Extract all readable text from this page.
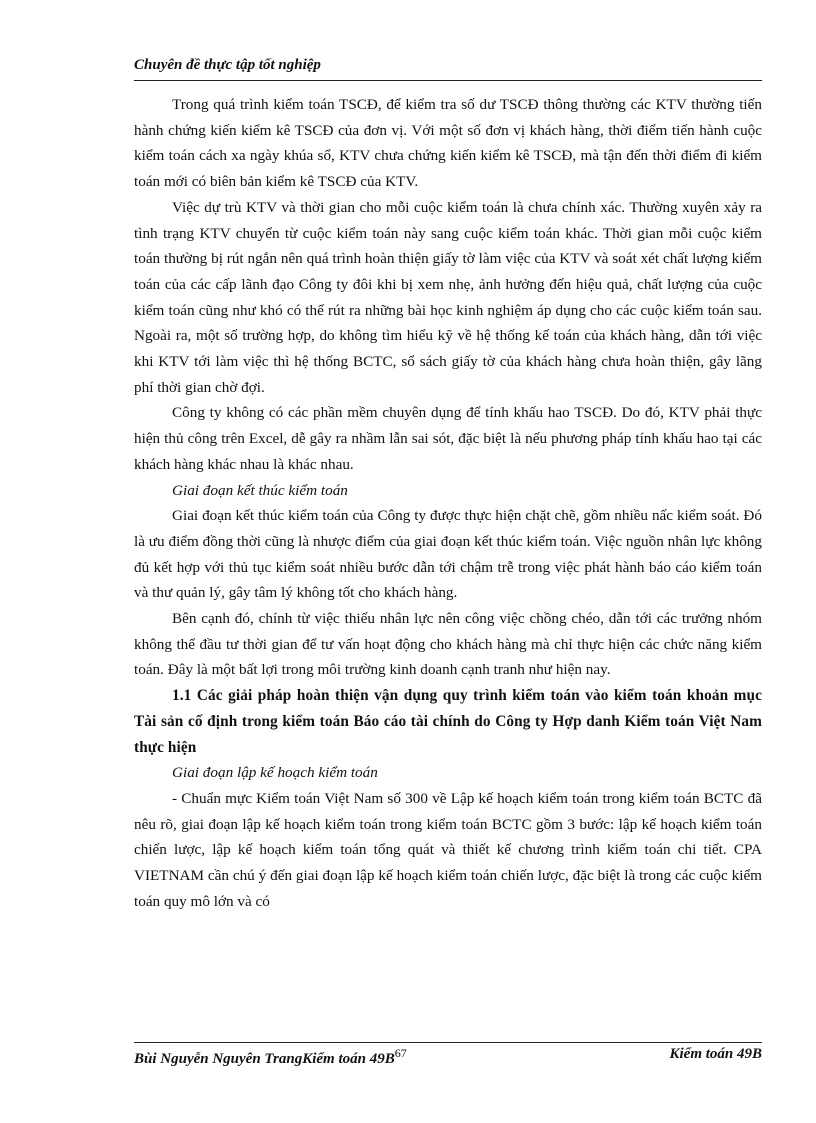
Chuyên đề thực tập tốt nghiệp

Trong quá trình kiểm toán TSCĐ, để kiểm tra số dư TSCĐ thông thường các KTV thường tiến hành chứng kiến kiểm kê TSCĐ của đơn vị. Với một số đơn vị khách hàng, thời điểm tiến hành cuộc kiểm toán cách xa ngày khúa sổ, KTV chưa chứng kiến kiểm kê TSCĐ, mà tận đến thời điểm đi kiểm toán mới có biên bản kiểm kê TSCĐ của KTV.

Việc dự trù KTV và thời gian cho mỗi cuộc kiểm toán là chưa chính xác. Thường xuyên xảy ra tình trạng KTV chuyển từ cuộc kiểm toán này sang cuộc kiểm toán khác. Thời gian mỗi cuộc kiểm toán thường bị rút ngắn nên quá trình hoàn thiện giấy tờ làm việc của KTV và soát xét chất lượng kiểm toán của các cấp lãnh đạo Công ty đôi khi bị xem nhẹ, ảnh hưởng đến hiệu quả, chất lượng của cuộc kiểm toán cũng như khó có thể rút ra những bài học kinh nghiệm áp dụng cho các cuộc kiểm toán sau. Ngoài ra, một số trường hợp, do không tìm hiểu kỹ về hệ thống kế toán của khách hàng, dẫn tới việc khi KTV tới làm việc thì hệ thống BCTC, sổ sách giấy tờ của khách hàng chưa hoàn thiện, gây lãng phí thời gian chờ đợi.

Công ty không có các phần mềm chuyên dụng để tính khấu hao TSCĐ. Do đó, KTV phải thực hiện thủ công trên Excel, dễ gây ra nhầm lẫn sai sót, đặc biệt là nếu phương pháp tính khấu hao tại các khách hàng khác nhau là khác nhau.

Giai đoạn kết thúc kiểm toán

Giai đoạn kết thúc kiểm toán của Công ty được thực hiện chặt chẽ, gồm nhiều nấc kiểm soát. Đó là ưu điểm đồng thời cũng là nhược điểm của giai đoạn kết thúc kiểm toán. Việc nguồn nhân lực không đủ kết hợp với thủ tục kiểm soát nhiều bước dẫn tới chậm trễ trong việc phát hành báo cáo kiểm toán và thư quản lý, gây tâm lý không tốt cho khách hàng.

Bên cạnh đó, chính từ việc thiếu nhân lực nên công việc chồng chéo, dẫn tới các trưởng nhóm không thể đầu tư thời gian để tư vấn hoạt động cho khách hàng mà chỉ thực hiện các chức năng kiểm toán. Đây là một bất lợi trong môi trường kinh doanh cạnh tranh như hiện nay.

1.1 Các giải pháp hoàn thiện vận dụng quy trình kiểm toán vào kiểm toán khoản mục Tài sản cố định trong kiểm toán Báo cáo tài chính do Công ty Hợp danh Kiểm toán Việt Nam thực hiện

Giai đoạn lập kế hoạch kiểm toán

- Chuẩn mực Kiểm toán Việt Nam số 300 về Lập kế hoạch kiểm toán trong kiểm toán BCTC đã nêu rõ, giai đoạn lập kế hoạch kiểm toán trong kiểm toán BCTC gồm 3 bước: lập kế hoạch kiểm toán chiến lược, lập kế hoạch kiểm toán tổng quát và thiết kế chương trình kiểm toán chi tiết. CPA VIETNAM cần chú ý đến giai đoạn lập kế hoạch kiểm toán chiến lược, đặc biệt là trong các cuộc kiểm toán quy mô lớn và có

Bùi Nguyễn Nguyên TrangKiểm toán $49B^{67}$	Kiểm toán 49B
